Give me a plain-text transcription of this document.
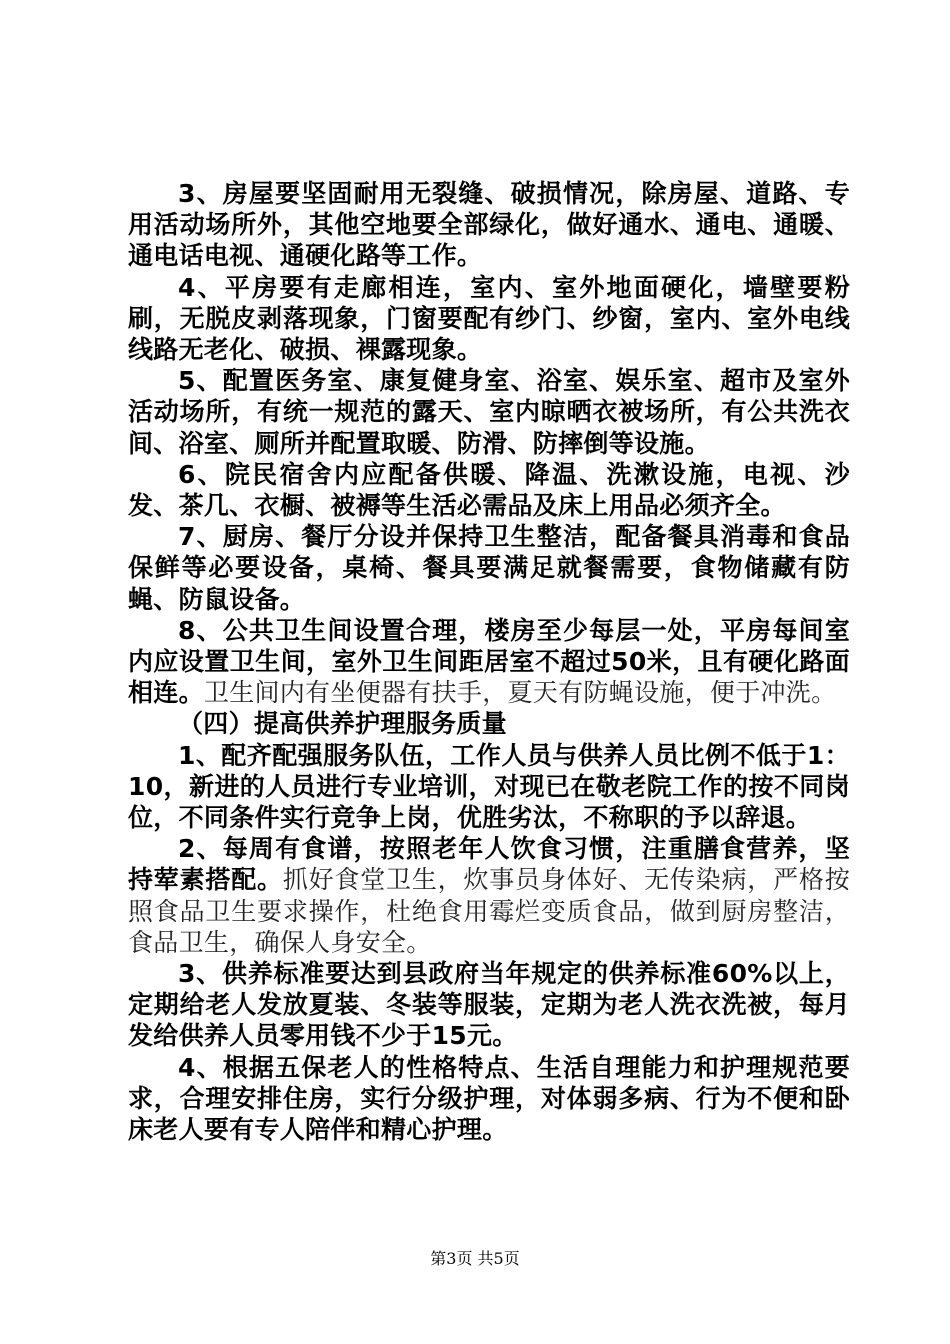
3、房屋要坚固耐用无裂缝、破损情况，除房屋、道路、专用活动场所外，其他空地要全部绿化，做好通水、通电、通暖、通电话电视、通硬化路等工作。

4、平房要有走廊相连，室内、室外地面硬化，墙壁要粉刷，无脱皮剥落现象，门窗要配有纱门、纱窗，室内、室外电线线路无老化、破损、裸露现象。

5、配置医务室、康复健身室、浴室、娱乐室、超市及室外活动场所，有统一规范的露天、室内晾晒衣被场所，有公共洗衣间、浴室、厕所并配置取暖、防滑、防摔倒等设施。

6、院民宿舍内应配备供暖、降温、洗漱设施，电视、沙发、茶几、衣橱、被褥等生活必需品及床上用品必须齐全。

7、厨房、餐厅分设并保持卫生整洁，配备餐具消毒和食品保鲜等必要设备，桌椅、餐具要满足就餐需要，食物储藏有防蝇、防鼠设备。

8、公共卫生间设置合理，楼房至少每层一处，平房每间室内应设置卫生间，室外卫生间距居室不超过50米，且有硬化路面相连。卫生间内有坐便器有扶手，夏天有防蝇设施，便于冲洗。

（四）提高供养护理服务质量

1、配齐配强服务队伍，工作人员与供养人员比例不低于1：10，新进的人员进行专业培训，对现已在敬老院工作的按不同岗位，不同条件实行竞争上岗，优胜劣汰，不称职的予以辞退。

2、每周有食谱，按照老年人饮食习惯，注重膳食营养，坚持荤素搭配。抓好食堂卫生，炊事员身体好、无传染病，严格按照食品卫生要求操作，杜绝食用霉烂变质食品，做到厨房整洁，食品卫生，确保人身安全。

3、供养标准要达到县政府当年规定的供养标准60%以上，定期给老人发放夏装、冬装等服装，定期为老人洗衣洗被，每月发给供养人员零用钱不少于15元。

4、根据五保老人的性格特点、生活自理能力和护理规范要求，合理安排住房，实行分级护理，对体弱多病、行为不便和卧床老人要有专人陪伴和精心护理。

第3页 共5页
